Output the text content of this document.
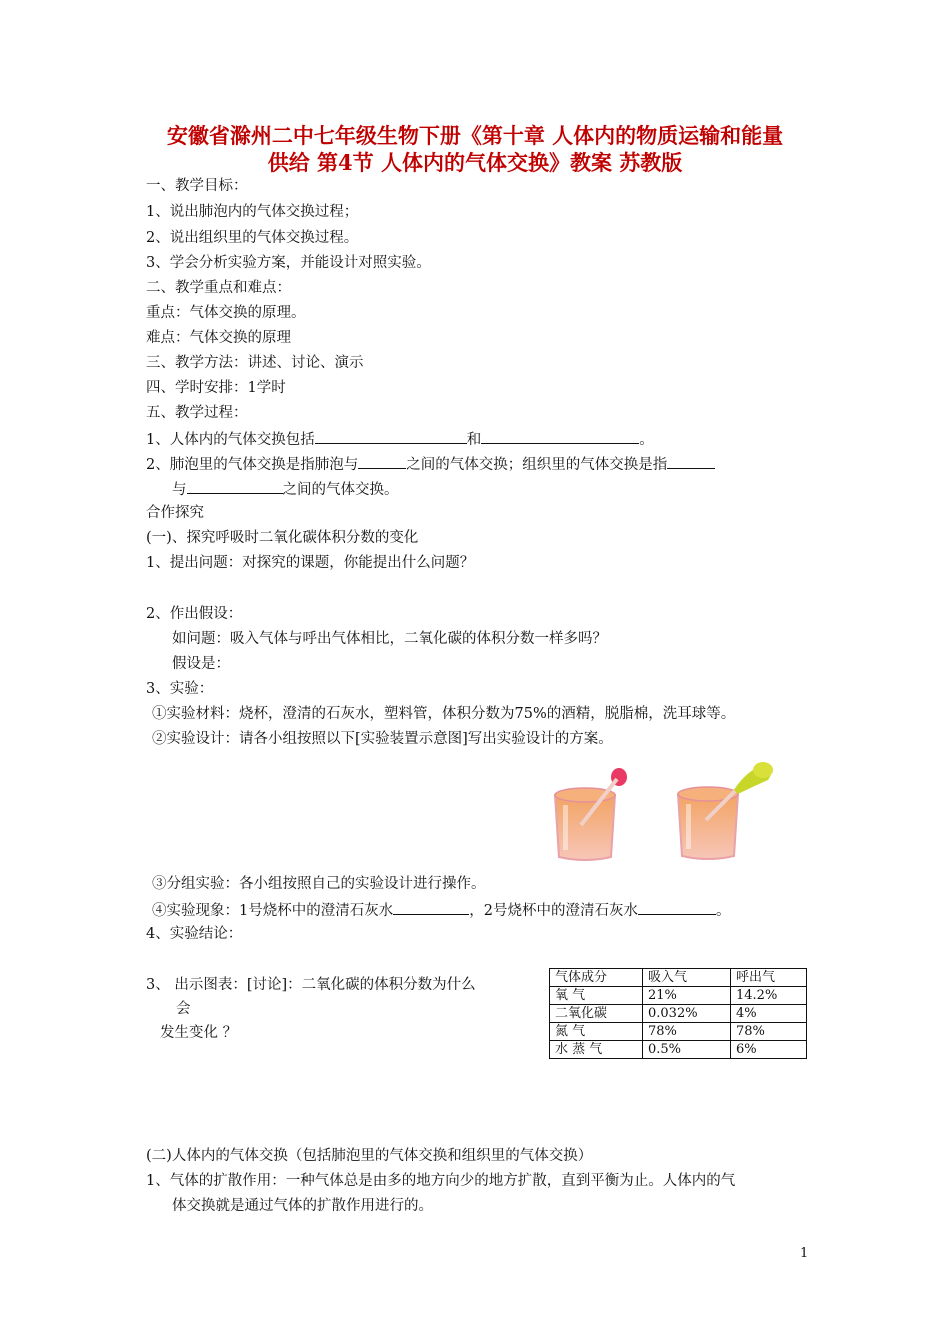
安徽省滁州二中七年级生物下册《第十章 人体内的物质运输和能量
供给 第4节 人体内的气体交换》教案 苏教版
一、教学目标：
1、说出肺泡内的气体交换过程；
2、说出组织里的气体交换过程。
3、学会分析实验方案，并能设计对照实验。
二、教学重点和难点：
重点：气体交换的原理。
难点：气体交换的原理
三、教学方法：讲述、讨论、演示
四、学时安排：1学时
五、教学过程：
1、人体内的气体交换包括	和	。
2、肺泡里的气体交换是指肺泡与	之间的气体交换；组织里的气体交换是指
与	之间的气体交换。
合作探究
(一)、探究呼吸时二氧化碳体积分数的变化
1、提出问题：对探究的课题，你能提出什么问题？
2、作出假设：
如问题：吸入气体与呼出气体相比，二氧化碳的体积分数一样多吗？
假设是：
3、实验：
①实验材料：烧杯，澄清的石灰水，塑料管，体积分数为75%的酒精，脱脂棉，洗耳球等。
②实验设计：请各小组按照以下[实验装置示意图]写出实验设计的方案。
③分组实验：各小组按照自己的实验设计进行操作。
④实验现象：1号烧杯中的澄清石灰水	，2号烧杯中的澄清石灰水	。
4、实验结论：
3、 出示图表：[讨论]：二氧化碳的体积分数为什么
会
发生变化 ？
气体成分	吸入气	呼出气
氧 气	21%	14.2%
二氧化碳	0.032%	4%
氮 气	78%	78%
水 蒸 气	0.5%	6%
(二)人体内的气体交换（包括肺泡里的气体交换和组织里的气体交换）
1、气体的扩散作用：一种气体总是由多的地方向少的地方扩散，直到平衡为止。人体内的气
体交换就是通过气体的扩散作用进行的。
1
